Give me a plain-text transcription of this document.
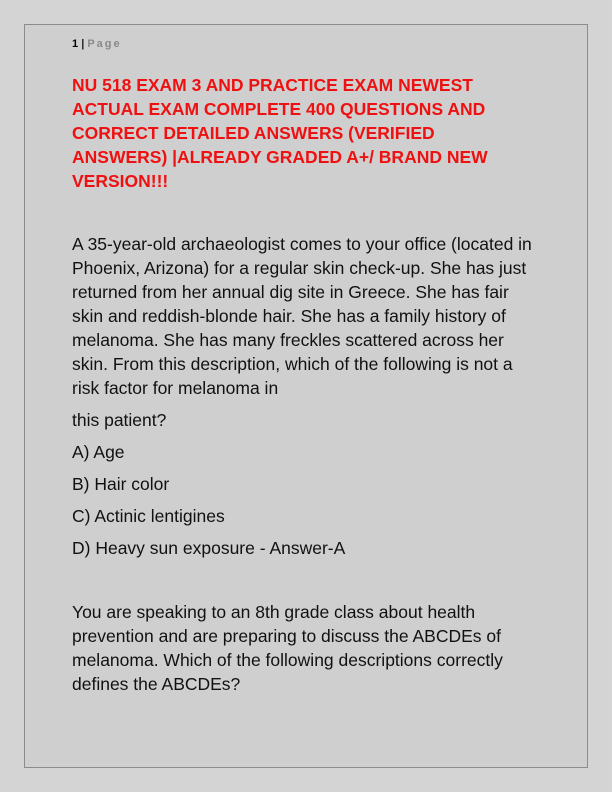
1 | Page
NU 518 EXAM 3 AND PRACTICE EXAM NEWEST ACTUAL EXAM COMPLETE 400 QUESTIONS AND CORRECT DETAILED ANSWERS (VERIFIED ANSWERS) |ALREADY GRADED A+/ BRAND NEW VERSION!!!
A 35-year-old archaeologist comes to your office (located in Phoenix, Arizona) for a regular skin check-up. She has just returned from her annual dig site in Greece. She has fair skin and reddish-blonde hair. She has a family history of melanoma. She has many freckles scattered across her skin. From this description, which of the following is not a risk factor for melanoma in
this patient?
A) Age
B) Hair color
C) Actinic lentigines
D) Heavy sun exposure - Answer-A
You are speaking to an 8th grade class about health prevention and are preparing to discuss the ABCDEs of melanoma. Which of the following descriptions correctly defines the ABCDEs?
